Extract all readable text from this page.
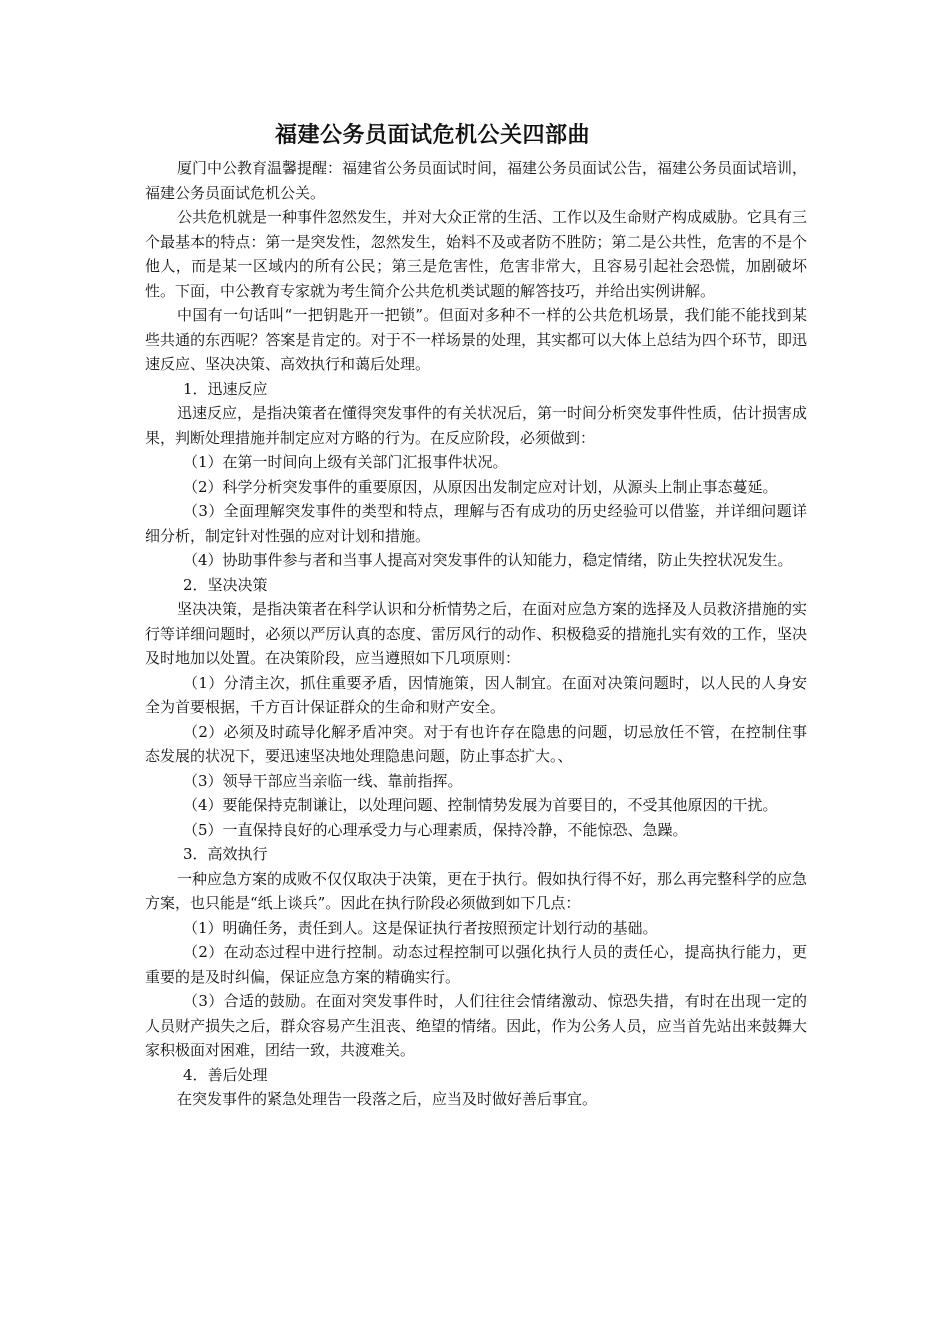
福建公务员面试危机公关四部曲

厦门中公教育温馨提醒：福建省公务员面试时间，福建公务员面试公告，福建公务员面试培训，福建公务员面试危机公关。

公共危机就是一种事件忽然发生，并对大众正常的生活、工作以及生命财产构成威胁。它具有三个最基本的特点：第一是突发性，忽然发生，始料不及或者防不胜防；第二是公共性，危害的不是个他人，而是某一区域内的所有公民；第三是危害性，危害非常大，且容易引起社会恐慌，加剧破坏性。下面，中公教育专家就为考生简介公共危机类试题的解答技巧，并给出实例讲解。

中国有一句话叫“一把钥匙开一把锁”。但面对多种不一样的公共危机场景，我们能不能找到某些共通的东西呢？答案是肯定的。对于不一样场景的处理，其实都可以大体上总结为四个环节，即迅速反应、坚决决策、高效执行和蔼后处理。

1．迅速反应

迅速反应，是指决策者在懂得突发事件的有关状况后，第一时间分析突发事件性质，估计损害成果，判断处理措施并制定应对方略的行为。在反应阶段，必须做到：

（1）在第一时间向上级有关部门汇报事件状况。

（2）科学分析突发事件的重要原因，从原因出发制定应对计划，从源头上制止事态蔓延。

（3）全面理解突发事件的类型和特点，理解与否有成功的历史经验可以借鉴，并详细问题详细分析，制定针对性强的应对计划和措施。

（4）协助事件参与者和当事人提高对突发事件的认知能力，稳定情绪，防止失控状况发生。

2．坚决决策

坚决决策，是指决策者在科学认识和分析情势之后，在面对应急方案的选择及人员救济措施的实行等详细问题时，必须以严厉认真的态度、雷厉风行的动作、积极稳妥的措施扎实有效的工作，坚决及时地加以处置。在决策阶段，应当遵照如下几项原则：

（1）分清主次，抓住重要矛盾，因情施策，因人制宜。在面对决策问题时，以人民的人身安全为首要根据，千方百计保证群众的生命和财产安全。

（2）必须及时疏导化解矛盾冲突。对于有也许存在隐患的问题，切忌放任不管，在控制住事态发展的状况下，要迅速坚决地处理隐患问题，防止事态扩大。、

（3）领导干部应当亲临一线、靠前指挥。

（4）要能保持克制谦让，以处理问题、控制情势发展为首要目的，不受其他原因的干扰。

（5）一直保持良好的心理承受力与心理素质，保持冷静，不能惊恐、急躁。

3．高效执行

一种应急方案的成败不仅仅取决于决策，更在于执行。假如执行得不好，那么再完整科学的应急方案，也只能是“纸上谈兵”。因此在执行阶段必须做到如下几点：

（1）明确任务，责任到人。这是保证执行者按照预定计划行动的基础。

（2）在动态过程中进行控制。动态过程控制可以强化执行人员的责任心，提高执行能力，更重要的是及时纠偏，保证应急方案的精确实行。

（3）合适的鼓励。在面对突发事件时，人们往往会情绪激动、惊恐失措，有时在出现一定的人员财产损失之后，群众容易产生沮丧、绝望的情绪。因此，作为公务人员，应当首先站出来鼓舞大家积极面对困难，团结一致，共渡难关。

4．善后处理

在突发事件的紧急处理告一段落之后，应当及时做好善后事宜。
